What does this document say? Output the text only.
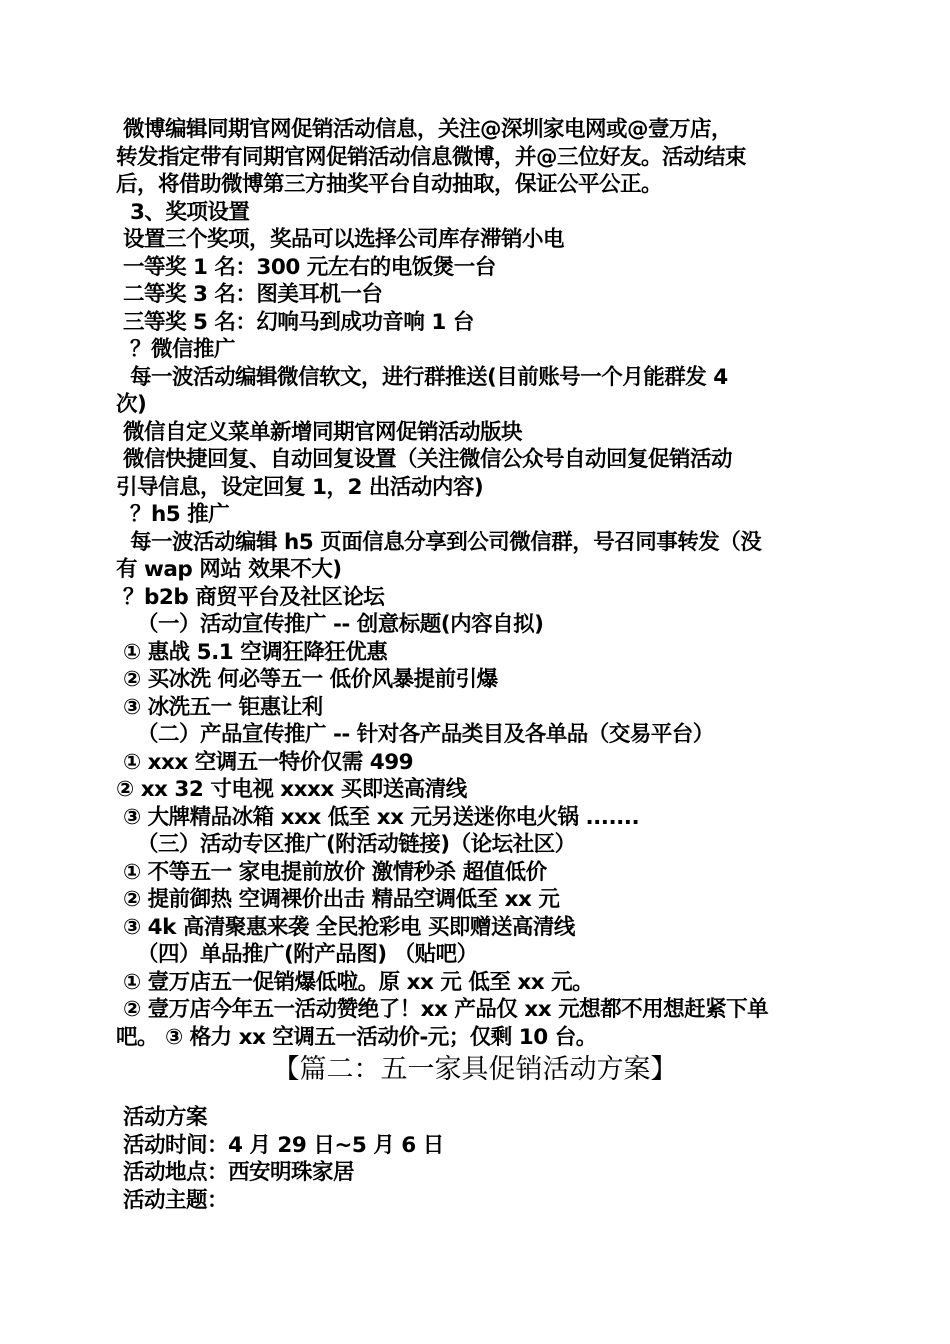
微博编辑同期官网促销活动信息，关注@深圳家电网或@壹万店，
转发指定带有同期官网促销活动信息微博，并@三位好友。活动结束
后，将借助微博第三方抽奖平台自动抽取，保证公平公正。
3、奖项设置
设置三个奖项，奖品可以选择公司库存滞销小电
一等奖 1 名：300 元左右的电饭煲一台
二等奖 3 名：图美耳机一台
三等奖 5 名：幻响马到成功音响 1 台
？微信推广
每一波活动编辑微信软文，进行群推送(目前账号一个月能群发 4
次)
微信自定义菜单新增同期官网促销活动版块
微信快捷回复、自动回复设置（关注微信公众号自动回复促销活动
引导信息，设定回复 1，2 出活动内容)
？h5 推广
每一波活动编辑 h5 页面信息分享到公司微信群，号召同事转发（没
有 wap 网站 效果不大)
？b2b 商贸平台及社区论坛
（一）活动宣传推广 -- 创意标题(内容自拟)
① 惠战 5.1 空调狂降狂优惠
② 买冰洗 何必等五一 低价风暴提前引爆
③ 冰洗五一 钜惠让利
（二）产品宣传推广 -- 针对各产品类目及各单品（交易平台）
① xxx 空调五一特价仅需 499
② xx 32 寸电视 xxxx 买即送高清线
③ 大牌精品冰箱 xxx 低至 xx 元另送迷你电火锅 .......
（三）活动专区推广(附活动链接)（论坛社区）
① 不等五一 家电提前放价 激情秒杀 超值低价
② 提前御热 空调裸价出击 精品空调低至 xx 元
③ 4k 高清聚惠来袭 全民抢彩电 买即赠送高清线
（四）单品推广(附产品图) （贴吧）
① 壹万店五一促销爆低啦。原 xx 元 低至 xx 元。
② 壹万店今年五一活动赞绝了！xx 产品仅 xx 元想都不用想赶紧下单
吧。 ③ 格力 xx 空调五一活动价-元；仅剩 10 台。
【篇二：五一家具促销活动方案】
活动方案
活动时间：4 月 29 日~5 月 6 日
活动地点：西安明珠家居
活动主题：
